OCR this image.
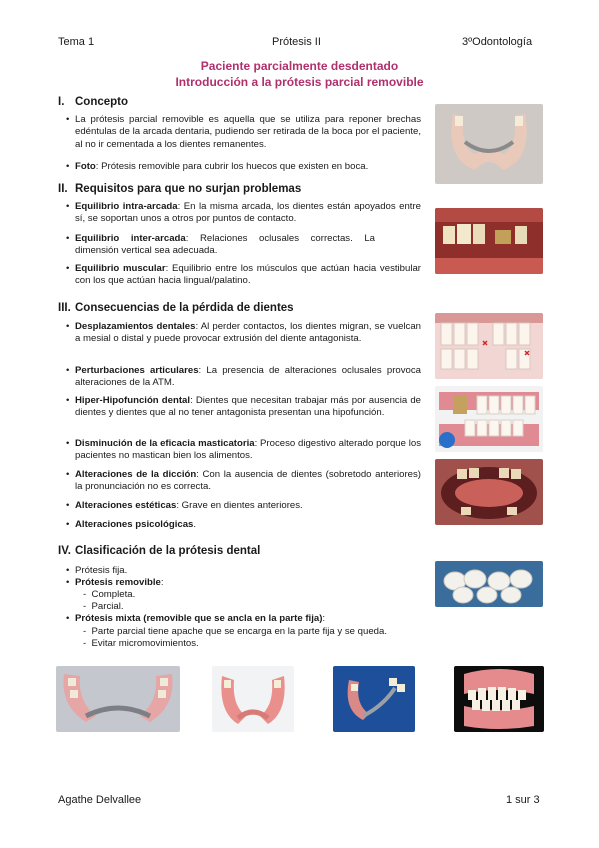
Tema 1	Prótesis II	3ºOdontología
Paciente parcialmente desdentado
Introducción a la prótesis parcial removible
I. Concepto
• La prótesis parcial removible es aquella que se utiliza para reponer brechas edéntulas de la arcada dentaria, pudiendo ser retirada de la boca por el paciente, al no ir cementada a los dientes remanentes.
• Foto: Prótesis removible para cubrir los huecos que existen en boca.
II. Requisitos para que no surjan problemas
• Equilibrio intra-arcada: En la misma arcada, los dientes están apoyados entre sí, se soportan unos a otros por puntos de contacto.
• Equilibrio inter-arcada: Relaciones oclusales correctas. La dimensión vertical sea adecuada.
• Equilibrio muscular: Equilibrio entre los músculos que actúan hacia vestibular con los que actúan hacia lingual/palatino.
III. Consecuencias de la pérdida de dientes
• Desplazamientos dentales: Al perder contactos, los dientes migran, se vuelcan a mesial o distal y puede provocar extrusión del diente antagonista.
• Perturbaciones articulares: La presencia de alteraciones oclusales provoca alteraciones de la ATM.
• Hiper-Hipofunción dental: Dientes que necesitan trabajar más por ausencia de dientes y dientes que al no tener antagonista presentan una hipofunción.
• Disminución de la eficacia masticatoria: Proceso digestivo alterado porque los pacientes no mastican bien los alimentos.
• Alteraciones de la dicción: Con la ausencia de dientes (sobretodo anteriores) la pronunciación no es correcta.
• Alteraciones estéticas: Grave en dientes anteriores.
• Alteraciones psicológicas.
IV. Clasificación de la prótesis dental
• Prótesis fija.
• Prótesis removible:
-  Completa.
-  Parcial.
• Prótesis mixta (removible que se ancla en la parte fija):
-  Parte parcial tiene apache que se encarga en la parte fija y se queda.
-  Evitar micromovimientos.
Agathe Delvallee	1 sur 3
